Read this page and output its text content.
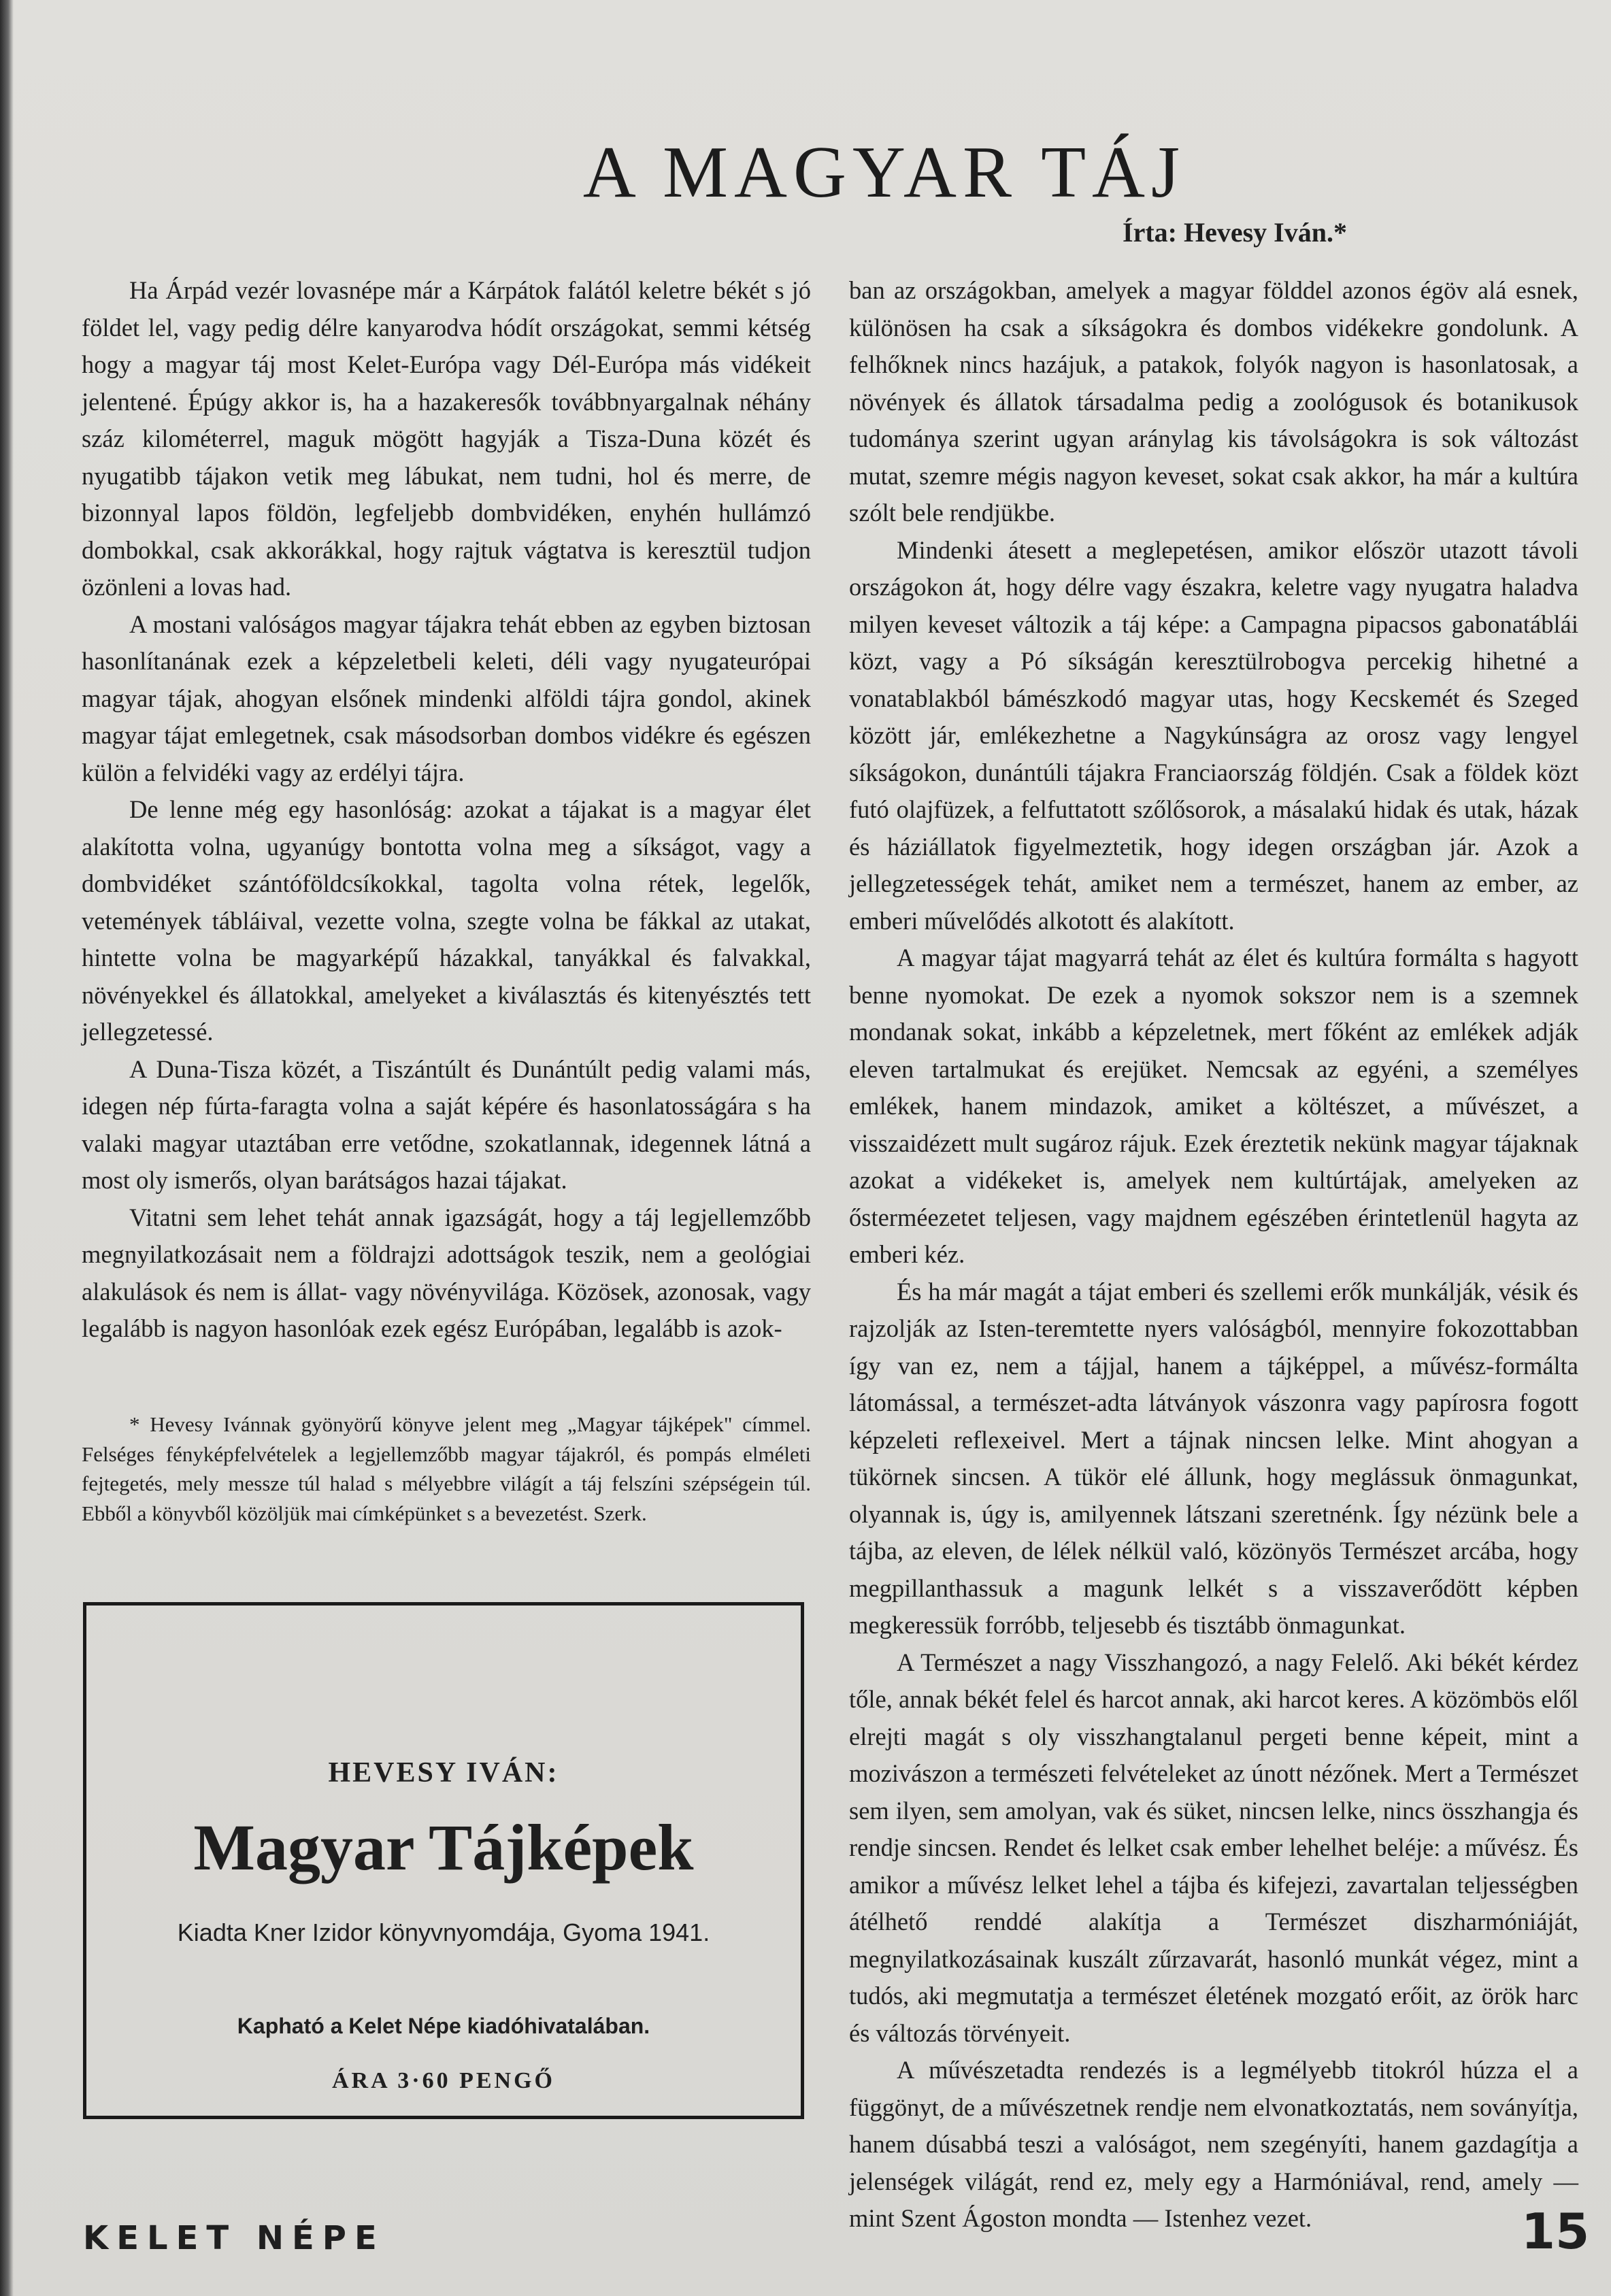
A MAGYAR TÁJ
Írta: Hevesy Iván.*

Ha Árpád vezér lovasnépe már a Kárpátok falától keletre békét s jó földet lel, vagy pedig délre kanyarodva hódít országokat, semmi kétség hogy a magyar táj most Kelet-Európa vagy Dél-Európa más vidékeit jelentené. Épúgy akkor is, ha a hazakeresők továbbnyargalnak néhány száz kilométerrel, maguk mögött hagyják a Tisza-Duna közét és nyugatibb tájakon vetik meg lábukat, nem tudni, hol és merre, de bizonnyal lapos földön, legfeljebb dombvidéken, enyhén hullámzó dombokkal, csak akkorákkal, hogy rajtuk vágtatva is keresztül tudjon özönleni a lovas had.

A mostani valóságos magyar tájakra tehát ebben az egyben biztosan hasonlítanának ezek a képzeletbeli keleti, déli vagy nyugateurópai magyar tájak, ahogyan elsőnek mindenki alföldi tájra gondol, akinek magyar tájat emlegetnek, csak másodsorban dombos vidékre és egészen külön a felvidéki vagy az erdélyi tájra.

De lenne még egy hasonlóság: azokat a tájakat is a magyar élet alakította volna, ugyanúgy bontotta volna meg a síkságot, vagy a dombvidéket szántóföldcsíkokkal, tagolta volna rétek, legelők, vetemények tábláival, vezette volna, szegte volna be fákkal az utakat, hintette volna be magyarképű házakkal, tanyákkal és falvakkal, növényekkel és állatokkal, amelyeket a kiválasztás és kitenyésztés tett jellegzetessé.

A Duna-Tisza közét, a Tiszántúlt és Dunántúlt pedig valami más, idegen nép fúrta-faragta volna a saját képére és hasonlatosságára s ha valaki magyar utaztában erre vetődne, szokatlannak, idegennek látná a most oly ismerős, olyan barátságos hazai tájakat.

Vitatni sem lehet tehát annak igazságát, hogy a táj legjellemzőbb megnyilatkozásait nem a földrajzi adottságok teszik, nem a geológiai alakulások és nem is állat- vagy növényvilága. Közösek, azonosak, vagy legalább is nagyon hasonlóak ezek egész Európában, legalább is azok-

* Hevesy Ivánnak gyönyörű könyve jelent meg „Magyar tájképek" címmel. Felséges fényképfelvételek a legjellemzőbb magyar tájakról, és pompás elméleti fejtegetés, mely messze túl halad s mélyebbre világít a táj felszíni szépségein túl. Ebből a könyvből közöljük mai címképünket s a bevezetést. Szerk.

HEVESY IVÁN:
Magyar Tájképek
Kiadta Kner Izidor könyvnyomdája, Gyoma 1941.
Kapható a Kelet Népe kiadóhivatalában.
ÁRA 3·60 PENGŐ

ban az országokban, amelyek a magyar földdel azonos égöv alá esnek, különösen ha csak a síkságokra és dombos vidékekre gondolunk. A felhőknek nincs hazájuk, a patakok, folyók nagyon is hasonlatosak, a növények és állatok társadalma pedig a zoológusok és botanikusok tudománya szerint ugyan aránylag kis távolságokra is sok változást mutat, szemre mégis nagyon keveset, sokat csak akkor, ha már a kultúra szólt bele rendjükbe.

Mindenki átesett a meglepetésen, amikor először utazott távoli országokon át, hogy délre vagy északra, keletre vagy nyugatra haladva milyen keveset változik a táj képe: a Campagna pipacsos gabonatáblái közt, vagy a Pó síkságán keresztülrobogva percekig hihetné a vonatablakból bámészkodó magyar utas, hogy Kecskemét és Szeged között jár, emlékezhetne a Nagykúnságra az orosz vagy lengyel síkságokon, dunántúli tájakra Franciaország földjén. Csak a földek közt futó olajfüzek, a felfuttatott szőlősorok, a másalakú hidak és utak, házak és háziállatok figyelmeztetik, hogy idegen országban jár. Azok a jellegzetességek tehát, amiket nem a természet, hanem az ember, az emberi művelődés alkotott és alakított.

A magyar tájat magyarrá tehát az élet és kultúra formálta s hagyott benne nyomokat. De ezek a nyomok sokszor nem is a szemnek mondanak sokat, inkább a képzeletnek, mert főként az emlékek adják eleven tartalmukat és erejüket. Nemcsak az egyéni, a személyes emlékek, hanem mindazok, amiket a költészet, a művészet, a visszaidézett mult sugároz rájuk. Ezek éreztetik nekünk magyar tájaknak azokat a vidékeket is, amelyek nem kultúrtájak, amelyeken az ősterméezetet teljesen, vagy majdnem egészében érintetlenül hagyta az emberi kéz.

És ha már magát a tájat emberi és szellemi erők munkálják, vésik és rajzolják az Isten-teremtette nyers valóságból, mennyire fokozottabban így van ez, nem a tájjal, hanem a tájképpel, a művész-formálta látomással, a természet-adta látványok vászonra vagy papírosra fogott képzeleti reflexeivel. Mert a tájnak nincsen lelke. Mint ahogyan a tükörnek sincsen. A tükör elé állunk, hogy meglássuk önmagunkat, olyannak is, úgy is, amilyennek látszani szeretnénk. Így nézünk bele a tájba, az eleven, de lélek nélkül való, közönyös Természet arcába, hogy megpillanthassuk a magunk lelkét s a visszaverődött képben megkeressük forróbb, teljesebb és tisztább önmagunkat.

A Természet a nagy Visszhangozó, a nagy Felelő. Aki békét kérdez tőle, annak békét felel és harcot annak, aki harcot keres. A közömbös elől elrejti magát s oly visszhangtalanul pergeti benne képeit, mint a mozivászon a természeti felvételeket az únott nézőnek. Mert a Természet sem ilyen, sem amolyan, vak és süket, nincsen lelke, nincs összhangja és rendje sincsen. Rendet és lelket csak ember lehelhet beléje: a művész. És amikor a művész lelket lehel a tájba és kifejezi, zavartalan teljességben átélhető renddé alakítja a Természet diszharmóniáját, megnyilatkozásainak kuszált zűrzavarát, hasonló munkát végez, mint a tudós, aki megmutatja a természet életének mozgató erőit, az örök harc és változás törvényeit.

A művészetadta rendezés is a legmélyebb titokról húzza el a függönyt, de a művészetnek rendje nem elvonatkoztatás, nem soványítja, hanem dúsabbá teszi a valóságot, nem szegényíti, hanem gazdagítja a jelenségek világát, rend ez, mely egy a Harmóniával, rend, amely — mint Szent Ágoston mondta — Istenhez vezet.

KELET NÉPE	15
